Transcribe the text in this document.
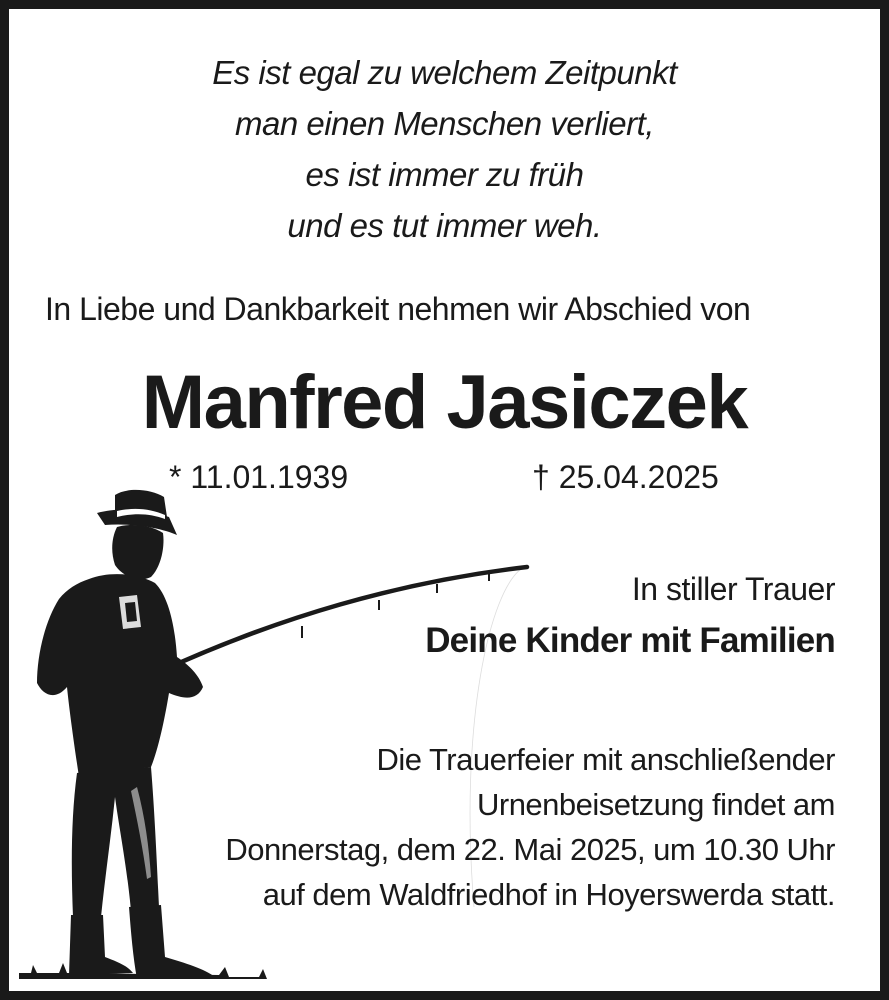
Es ist egal zu welchem Zeitpunkt
man einen Menschen verliert,
es ist immer zu früh
und es tut immer weh.
In Liebe und Dankbarkeit nehmen wir Abschied von
Manfred Jasiczek
* 11.01.1939	† 25.04.2025
In stiller Trauer
Deine Kinder mit Familien
Die Trauerfeier mit anschließender
Urnenbeisetzung findet am
Donnerstag, dem 22. Mai 2025, um 10.30 Uhr
auf dem Waldfriedhof in Hoyerswerda statt.
